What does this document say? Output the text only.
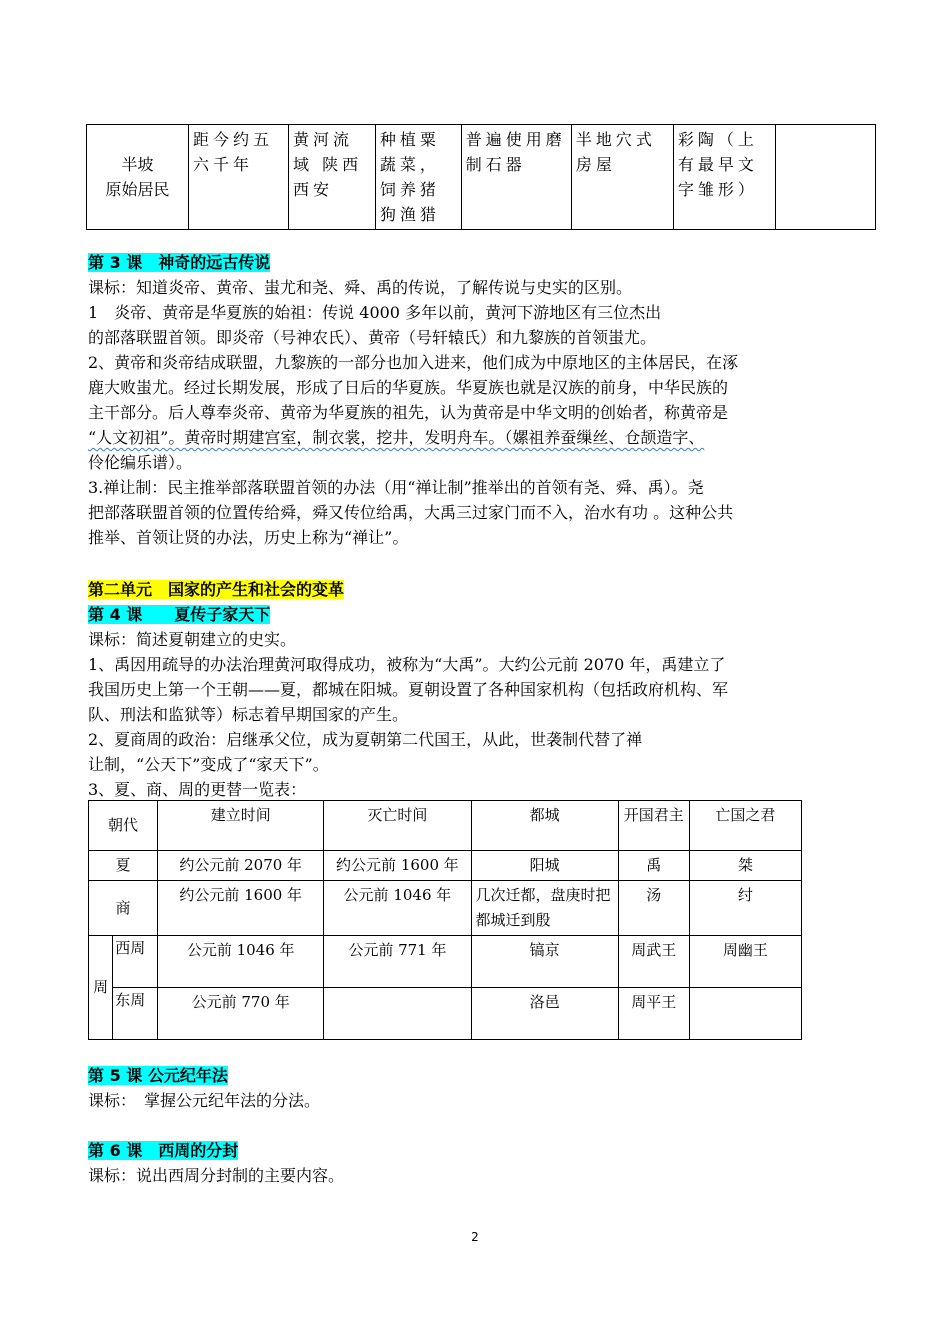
半坡
原始居民
	距今约五六千年	黄河流域 陕西西安	种植粟蔬菜，饲养猪狗渔猎	普遍使用磨制石器	半地穴式房屋	彩陶（上有最早文字雏形）	
第 3 课　神奇的远古传说
课标：知道炎帝、黄帝、蚩尤和尧、舜、禹的传说，了解传说与史实的区别。
1　炎帝、黄帝是华夏族的始祖：传说 4000 多年以前，黄河下游地区有三位杰出
的部落联盟首领。即炎帝（号神农氏）、黄帝（号轩辕氏）和九黎族的首领蚩尤。
2、黄帝和炎帝结成联盟，九黎族的一部分也加入进来，他们成为中原地区的主体居民，在涿
鹿大败蚩尤。经过长期发展，形成了日后的华夏族。华夏族也就是汉族的前身，中华民族的
主干部分。后人尊奉炎帝、黄帝为华夏族的祖先，认为黄帝是中华文明的创始者，称黄帝是
“人文初祖”。黄帝时期建宫室，制衣裳，挖井，发明舟车。（嫘祖养蚕缫丝、仓颉造字、
伶伦编乐谱）。
3.禅让制：民主推举部落联盟首领的办法（用“禅让制”推举出的首领有尧、舜、禹）。尧
把部落联盟首领的位置传给舜，舜又传位给禹，大禹三过家门而不入，治水有功 。这种公共
推举、首领让贤的办法，历史上称为“禅让”。
第二单元　国家的产生和社会的变革
第 4 课　　夏传子家天下
课标：简述夏朝建立的史实。
1、禹因用疏导的办法治理黄河取得成功，被称为“大禹”。大约公元前 2070 年，禹建立了
我国历史上第一个王朝——夏，都城在阳城。夏朝设置了各种国家机构（包括政府机构、军
队、刑法和监狱等）标志着早期国家的产生。
2、夏商周的政治：启继承父位，成为夏朝第二代国王，从此，世袭制代替了禅
让制，“公天下”变成了“家天下”。
3、夏、商、周的更替一览表：
朝代		建立时间	灭亡时间	都城	开国君主	亡国之君
夏		约公元前 2070 年	约公元前 1600 年	阳城	禹	桀
商		约公元前 1600 年	公元前 1046 年	几次迁都，盘庚时把都城迁到殷	汤	纣
周	西周	公元前 1046 年	公元前 771 年	镐京	周武王	周幽王
	东周	公元前 770 年		洛邑	周平王	
第 5 课 公元纪年法
课标：　掌握公元纪年法的分法。
第 6 课　西周的分封
课标：说出西周分封制的主要内容。
2
